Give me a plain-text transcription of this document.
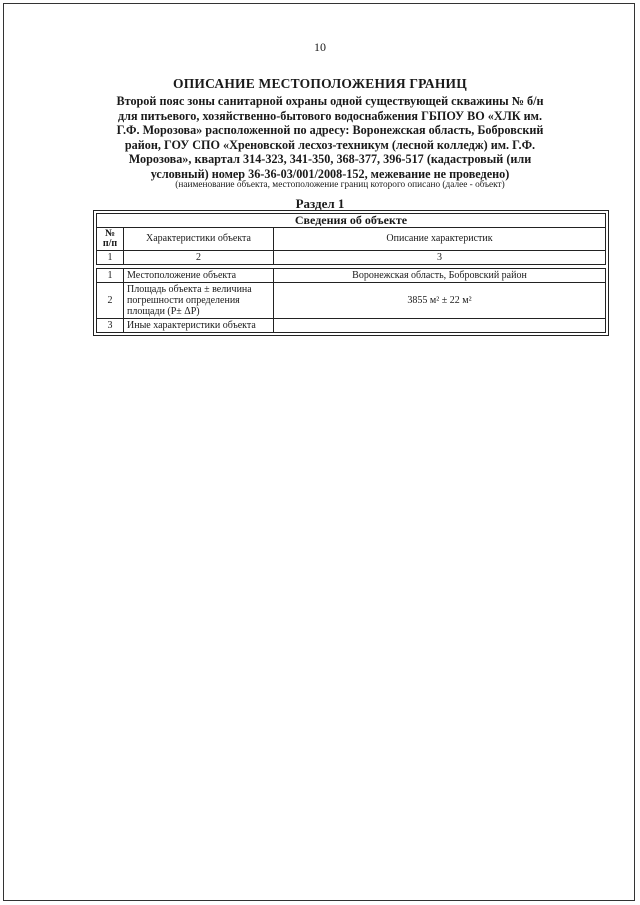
10
ОПИСАНИЕ МЕСТОПОЛОЖЕНИЯ ГРАНИЦ
Второй пояс зоны санитарной охраны одной существующей скважины № б/н для питьевого, хозяйственно-бытового водоснабжения ГБПОУ ВО «ХЛК им. Г.Ф. Морозова» расположенной по адресу: Воронежская область, Бобровский район, ГОУ СПО «Хреновской лесхоз-техникум (лесной колледж) им. Г.Ф. Морозова», квартал 314-323, 341-350, 368-377, 396-517 (кадастровый (или условный) номер 36-36-03/001/2008-152, межевание не проведено)
(наименование объекта, местоположение границ которого описано (далее - объект)
Раздел 1
Сведения об объекте		
№ п/п	Характеристики объекта	Описание характеристик
1	2	3
1	Местоположение объекта	Воронежская область, Бобровский район
2	Площадь объекта ± величина погрешности определения площади (Р± ΔР)	3855 м² ± 22 м²
3	Иные характеристики объекта	
